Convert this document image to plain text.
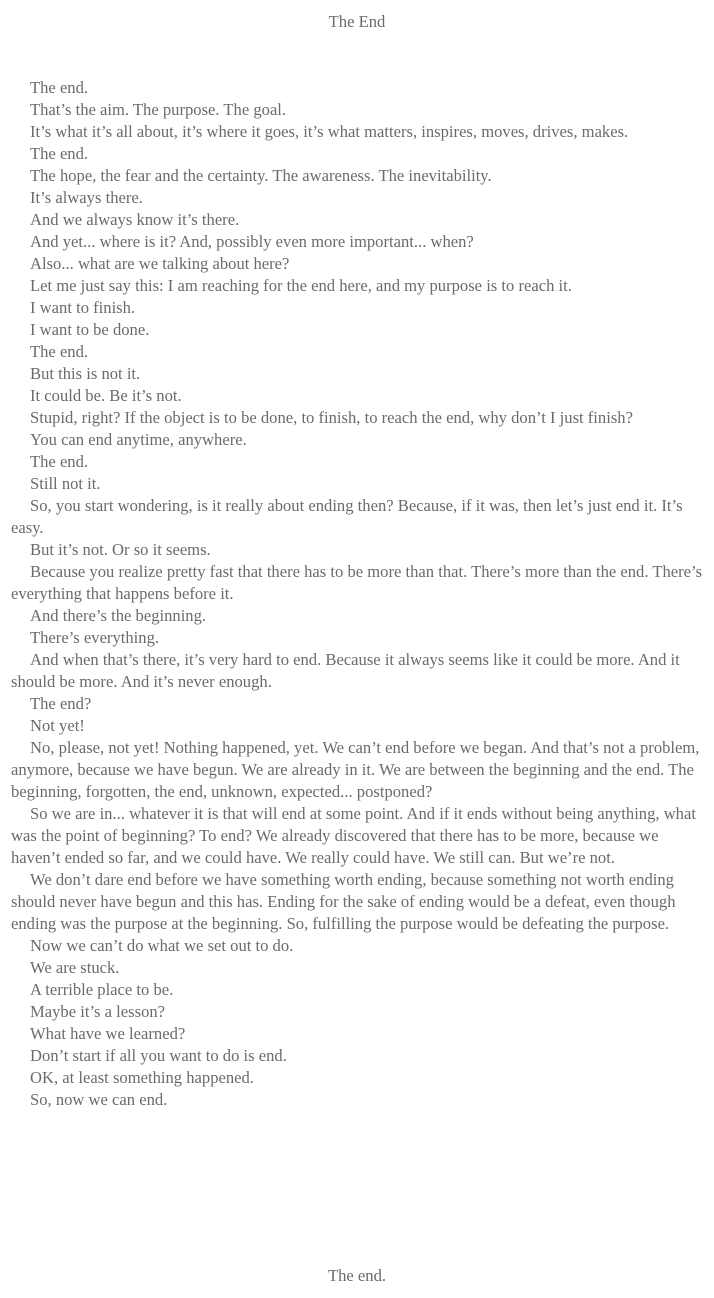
The End

The end.

That’s the aim. The purpose. The goal.

It’s what it’s all about, it’s where it goes, it’s what matters, inspires, moves, drives, makes.

The end.

The hope, the fear and the certainty. The awareness. The inevitability.

It’s always there.

And we always know it’s there.

And yet... where is it? And, possibly even more important... when?

Also... what are we talking about here?

Let me just say this: I am reaching for the end here, and my purpose is to reach it.

I want to finish.

I want to be done.

The end.

But this is not it.

It could be. Be it’s not.

Stupid, right? If the object is to be done, to finish, to reach the end, why don’t I just finish?

You can end anytime, anywhere.

The end.

Still not it.

So, you start wondering, is it really about ending then? Because, if it was, then let’s just end it. It’s easy.

But it’s not. Or so it seems.

Because you realize pretty fast that there has to be more than that. There’s more than the end. There’s everything that happens before it.

And there’s the beginning.

There’s everything.

And when that’s there, it’s very hard to end. Because it always seems like it could be more. And it should be more. And it’s never enough.

The end?

Not yet!

No, please, not yet! Nothing happened, yet. We can’t end before we began. And that’s not a problem, anymore, because we have begun. We are already in it. We are between the beginning and the end. The beginning, forgotten, the end, unknown, expected... postponed?

So we are in... whatever it is that will end at some point. And if it ends without being anything, what was the point of beginning? To end? We already discovered that there has to be more, because we haven’t ended so far, and we could have. We really could have. We still can. But we’re not.

We don’t dare end before we have something worth ending, because something not worth ending should never have begun and this has. Ending for the sake of ending would be a defeat, even though ending was the purpose at the beginning. So, fulfilling the purpose would be defeating the purpose.

Now we can’t do what we set out to do.

We are stuck.

A terrible place to be.

Maybe it’s a lesson?

What have we learned?

Don’t start if all you want to do is end.

OK, at least something happened.

So, now we can end.

The end.
